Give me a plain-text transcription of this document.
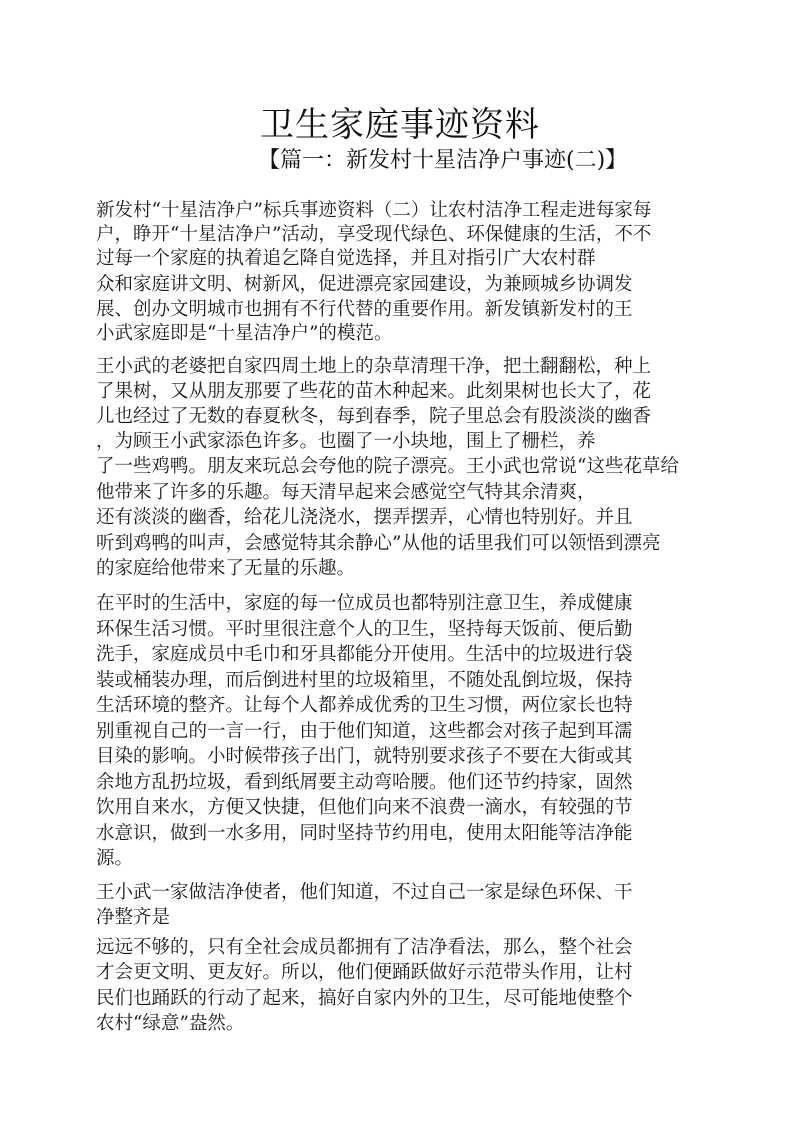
卫生家庭事迹资料
【篇一：新发村十星洁净户事迹(二)】
新发村“十星洁净户”标兵事迹资料（二）让农村洁净工程走进每家每
户，睁开“十星洁净户”活动，享受现代绿色、环保健康的生活，不不
过每一个家庭的执着追乞降自觉选择，并且对指引广大农村群
众和家庭讲文明、树新风，促进漂亮家园建设，为兼顾城乡协调发
展、创办文明城市也拥有不行代替的重要作用。新发镇新发村的王
小武家庭即是“十星洁净户”的模范。
王小武的老婆把自家四周土地上的杂草清理干净，把土翻翻松，种上
了果树，又从朋友那要了些花的苗木种起来。此刻果树也长大了，花
儿也经过了无数的春夏秋冬，每到春季，院子里总会有股淡淡的幽香
，为顾王小武家添色许多。也圈了一小块地，围上了栅栏，养
了一些鸡鸭。朋友来玩总会夸他的院子漂亮。王小武也常说“这些花草给
他带来了许多的乐趣。每天清早起来会感觉空气特其余清爽，
还有淡淡的幽香，给花儿浇浇水，摆弄摆弄，心情也特别好。并且
听到鸡鸭的叫声，会感觉特其余静心”从他的话里我们可以领悟到漂亮
的家庭给他带来了无量的乐趣。
在平时的生活中，家庭的每一位成员也都特别注意卫生，养成健康
环保生活习惯。平时里很注意个人的卫生，坚持每天饭前、便后勤
洗手，家庭成员中毛巾和牙具都能分开使用。生活中的垃圾进行袋
装或桶装办理，而后倒进村里的垃圾箱里，不随处乱倒垃圾，保持
生活环境的整齐。让每个人都养成优秀的卫生习惯，两位家长也特
别重视自己的一言一行，由于他们知道，这些都会对孩子起到耳濡
目染的影响。小时候带孩子出门，就特别要求孩子不要在大街或其
余地方乱扔垃圾，看到纸屑要主动弯哈腰。他们还节约持家，固然
饮用自来水，方便又快捷，但他们向来不浪费一滴水，有较强的节
水意识，做到一水多用，同时坚持节约用电，使用太阳能等洁净能
源。
王小武一家做洁净使者，他们知道，不过自己一家是绿色环保、干
净整齐是
远远不够的，只有全社会成员都拥有了洁净看法，那么，整个社会
才会更文明、更友好。所以，他们便踊跃做好示范带头作用，让村
民们也踊跃的行动了起来，搞好自家内外的卫生，尽可能地使整个
农村“绿意”盎然。
